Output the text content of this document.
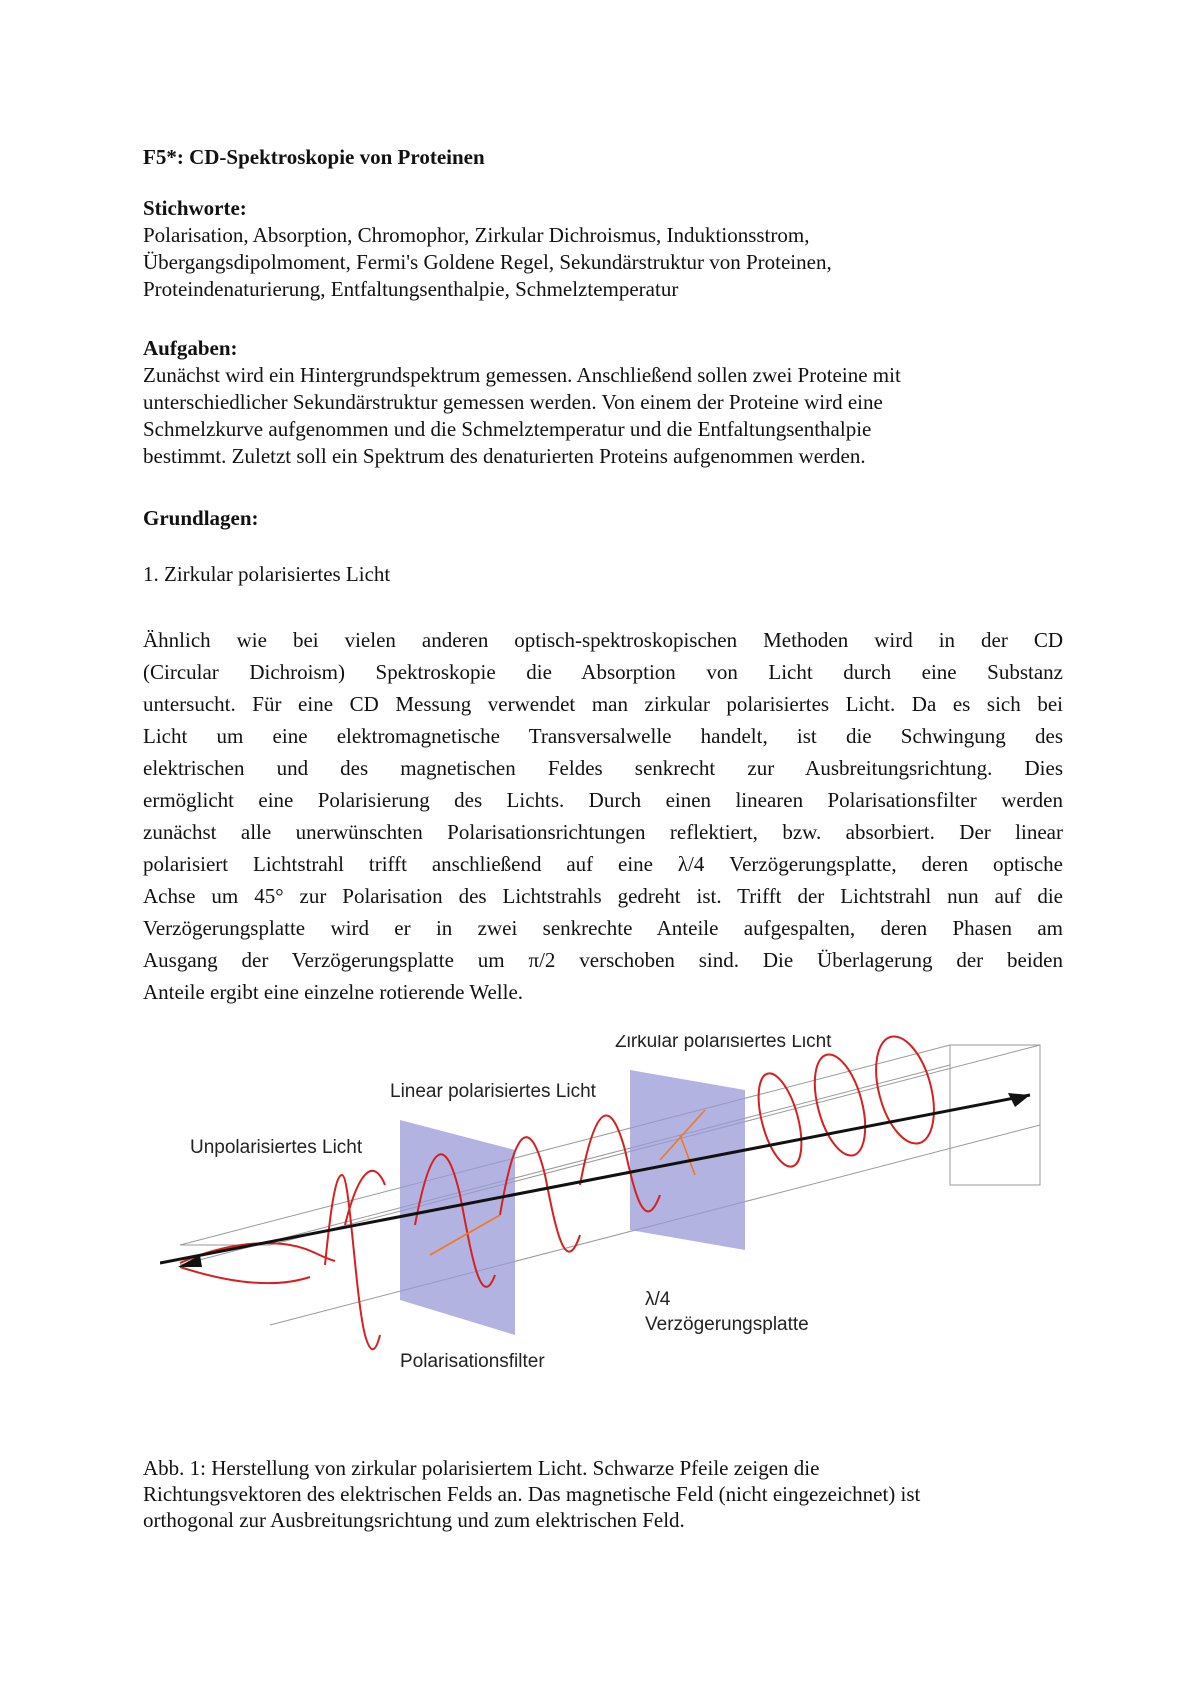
F5*: CD-Spektroskopie von Proteinen
Stichworte:
Polarisation, Absorption, Chromophor, Zirkular Dichroismus, Induktionsstrom,
Übergangsdipolmoment, Fermi's Goldene Regel, Sekundärstruktur von Proteinen,
Proteindenaturierung, Entfaltungsenthalpie, Schmelztemperatur
Aufgaben:
Zunächst wird ein Hintergrundspektrum gemessen. Anschließend sollen zwei Proteine mit
unterschiedlicher Sekundärstruktur gemessen werden. Von einem der Proteine wird eine
Schmelzkurve aufgenommen und die Schmelztemperatur und die Entfaltungsenthalpie
bestimmt. Zuletzt soll ein Spektrum des denaturierten Proteins aufgenommen werden.
Grundlagen:
1. Zirkular polarisiertes Licht
Ähnlich wie bei vielen anderen optisch-spektroskopischen Methoden wird in der CD
(Circular Dichroism) Spektroskopie die Absorption von Licht durch eine Substanz
untersucht. Für eine CD Messung verwendet man zirkular polarisiertes Licht. Da es sich bei
Licht um eine elektromagnetische Transversalwelle handelt, ist die Schwingung des
elektrischen und des magnetischen Feldes senkrecht zur Ausbreitungsrichtung. Dies
ermöglicht eine Polarisierung des Lichts. Durch einen linearen Polarisationsfilter werden
zunächst alle unerwünschten Polarisationsrichtungen reflektiert, bzw. absorbiert. Der linear
polarisiert Lichtstrahl trifft anschließend auf eine λ/4 Verzögerungsplatte, deren optische
Achse um 45° zur Polarisation des Lichtstrahls gedreht ist. Trifft der Lichtstrahl nun auf die
Verzögerungsplatte wird er in zwei senkrechte Anteile aufgespalten, deren Phasen am
Ausgang der Verzögerungsplatte um π/2 verschoben sind. Die Überlagerung der beiden
Anteile ergibt eine einzelne rotierende Welle.
Zirkular polarisiertes Licht
Linear polarisiertes Licht
Unpolarisiertes Licht
Polarisationsfilter
λ/4
Verzögerungsplatte
Abb. 1: Herstellung von zirkular polarisiertem Licht. Schwarze Pfeile zeigen die
Richtungsvektoren des elektrischen Felds an. Das magnetische Feld (nicht eingezeichnet) ist
orthogonal zur Ausbreitungsrichtung und zum elektrischen Feld.
